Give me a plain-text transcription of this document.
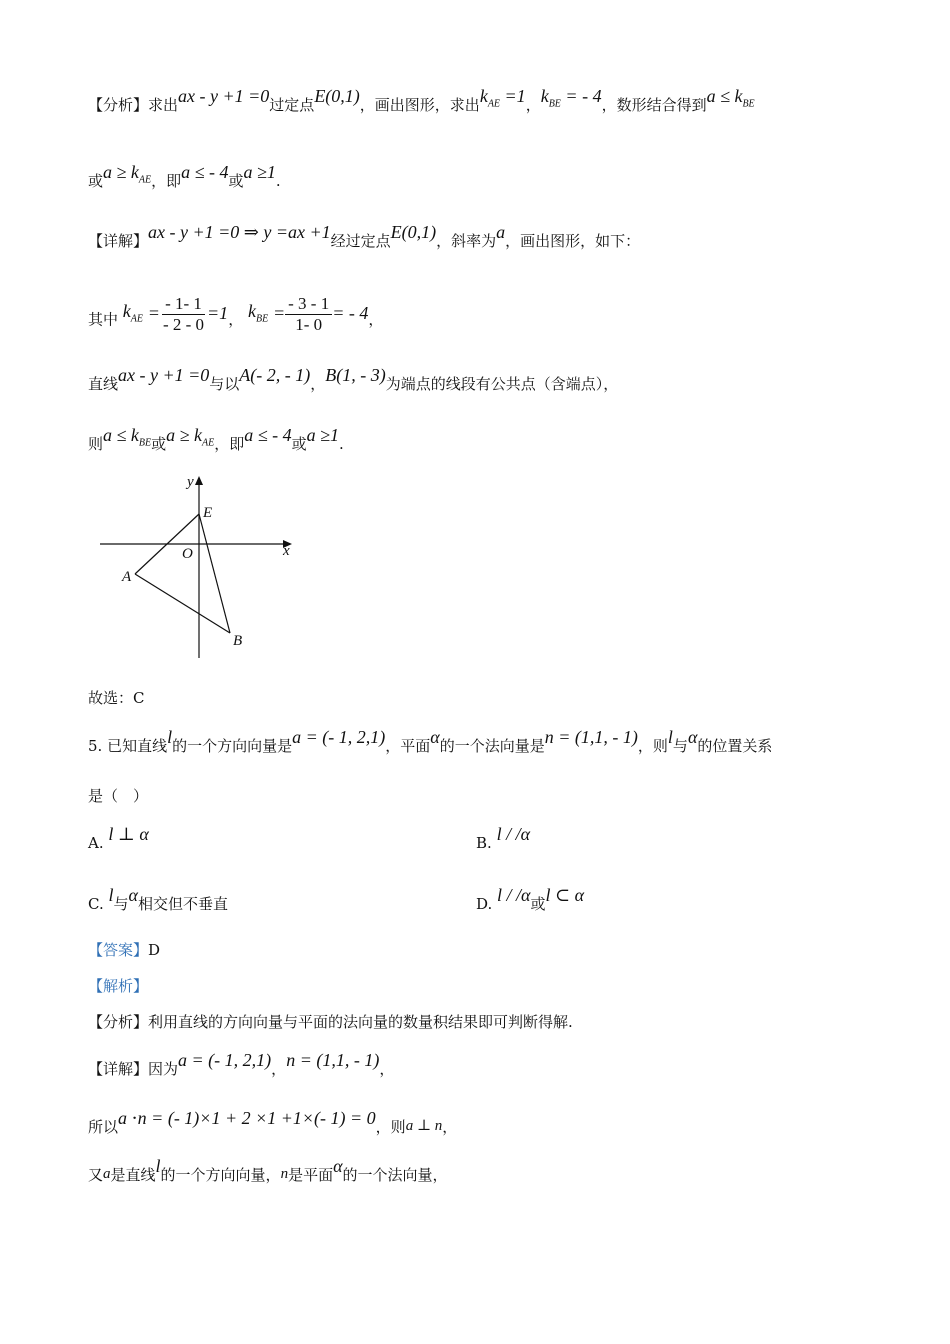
【分析】求出ax - y +1 =0过定点E(0,1)，画出图形，求出$k_{AE} =1$，$k_{BE}$ = - 4，数形结合得到$a \le k_{BE}$
或$a \ge k_{AE}$，即a ≤ - 4或a ≥1.
【详解】ax - y +1 =0 ⇒ y =ax +1经过定点E(0,1)，斜率为a，画出图形，如下：
其中 $k_{AE} = \frac{- 1- 1}{- 2 - 0} =1$， $k_{BE} = \frac{- 3 - 1}{1- 0}$ = - 4，
直线ax - y +1 =0与以A(- 2, - 1)，B(1, - 3)为端点的线段有公共点（含端点），
则$a \le k_{BE}$或$a \ge k_{AE}$，即a ≤ - 4或a ≥1.
y
x
O
E
A
B
故选：C
5. 已知直线l的一个方向向量是a = (- 1, 2,1)，平面α的一个法向量是n = (1,1, - 1)，则l与α的位置关系
是（　）
A. l ⊥ α	B. l / /α
C. l与α相交但不垂直	D. l / /α或l ⊂ α
【答案】D
【解析】
【分析】利用直线的方向向量与平面的法向量的数量积结果即可判断得解.
【详解】因为a = (- 1, 2,1)，n = (1,1, - 1)，
所以a ⋅n = (- 1)×1 + 2 ×1 +1×(- 1) = 0，则a ⊥ n，
又a是直线l的一个方向向量，n是平面α的一个法向量，
